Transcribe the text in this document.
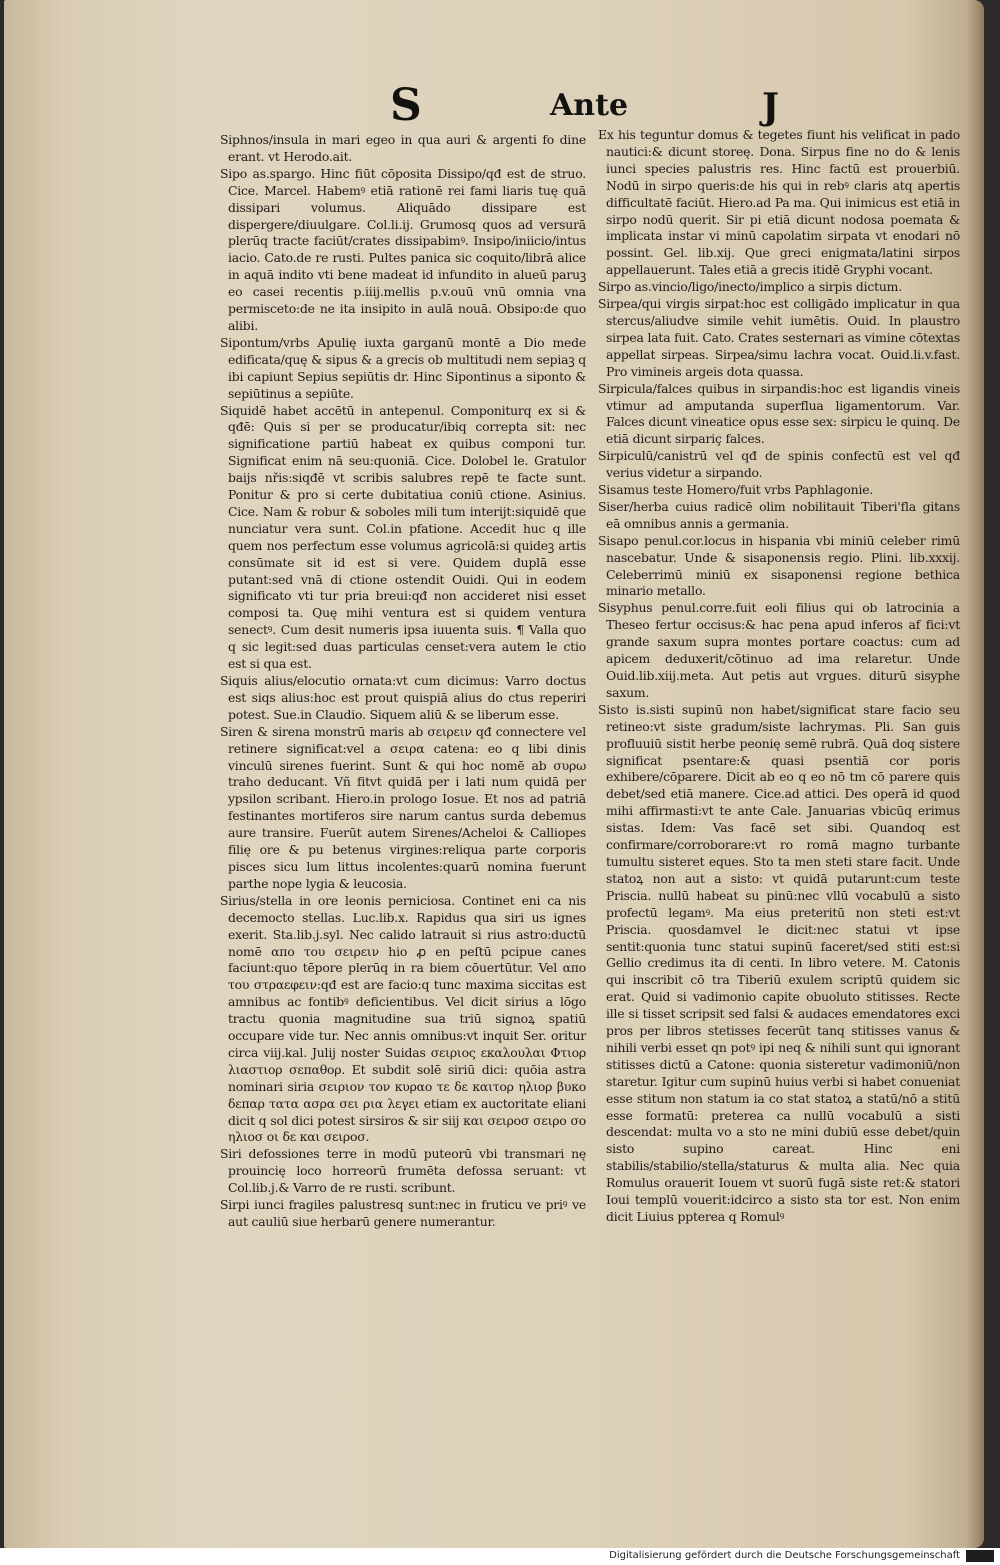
S	Ante	J

Siphnos/insula in mari egeo in qua auri & argenti fo dine erant. vt Herodo.ait.

Sipo as.spargo. Hinc fiūt cōposita Dissipo/qđ est de struo. Cice. Marcel. Habemꝰ etiā rationē rei fami liaris tuę quā dissipari volumus. Aliquādo dissipare est dispergere/diuulgare. Col.li.ij. Grumosq quos ad versurā plerūq tracte faciūt/crates dissipabimꝰ. Insipo/iniicio/intus iacio. Cato.de re rusti. Pultes panica sic coquito/librā alice in aquā indito vti bene madeat id infundito in alueū paruꝫ eo casei recentis p.iiij.mellis p.v.ouū vnū omnia vna permisceto:de ne ita insipito in aulā nouā. Obsipo:de quo alibi.

Sipontum/vrbs Apulię iuxta garganū montē a Dio mede edificata/quę & sipus & a grecis ob multitudi nem sepiaꝫ q ibi capiunt Sepius sepiūtis dr. Hinc Sipontinus a siponto & sepiūtinus a sepiūte.

Siquidē habet accētū in antepenul. Componiturq ex si & qđē: Quis si per se producatur/ibiq correpta sit: nec significatione partiū habeat ex quibus componi tur. Significat enim nā seu:quoniā. Cice. Dolobel le. Gratulor baijs nřis:siqđē vt scribis salubres repē te facte sunt. Ponitur & pro si certe dubitatiua coniū ctione. Asinius. Cice. Nam & robur & soboles mili tum interijt:siquidē que nunciatur vera sunt. Col.in pfatione. Accedit huc q ille quem nos perfectum esse volumus agricolā:si quideꝫ artis consūmate sit id est si vere. Quidem duplā esse putant:sed vnā di ctione ostendit Ouidi. Qui in eodem significato vti tur pria breui:qđ non accideret nisi esset composi ta. Quę mihi ventura est si quidem ventura senectꝰ. Cum desit numeris ipsa iuuenta suis. ¶ Valla quo q sic legit:sed duas particulas censet:vera autem le ctio est si qua est.

Siquis alius/elocutio ornata:vt cum dicimus: Varro doctus est siqs alius:hoc est prout quispiā alius do ctus reperiri potest. Sue.in Claudio. Siquem aliū & se liberum esse.

Siren & sirena monstrū maris ab σειρειν qđ connectere vel retinere significat:vel a σειρα catena: eo q libi dinis vinculū sirenes fuerint. Sunt & qui hoc nomē ab συρω traho deducant. Vñ fitvt quidā per i lati num quidā per ypsilon scribant. Hiero.in prologo Iosue. Et nos ad patriā festinantes mortiferos sire narum cantus surda debemus aure transire. Fuerūt autem Sirenes/Acheloi & Calliopes filię ore & pu betenus virgines:reliqua parte corporis pisces sicu lum littus incolentes:quarū nomina fuerunt parthe nope lygia & leucosia.

Sirius/stella in ore leonis perniciosa. Continet eni ca nis decemocto stellas. Luc.lib.x. Rapidus qua siri us ignes exerit. Sta.lib.j.syl. Nec calido latrauit si rius astro:ductū nomē απο του σειρειν hio ꝓ en peſtū pcipue canes faciunt:quo tēpore plerūq in ra biem cōuertūtur. Vel απο του στραεφειν:qđ est are facio:q tunc maxima siccitas est amnibus ac fontibꝰ deficientibus. Vel dicit sirius a lōgo tractu quonia magnitudine sua triū signoꝝ spatiū occupare vide tur. Nec annis omnibus:vt inquit Ser. oritur circa viij.kal. Julij noster Suidas σειριος εκαλουλαι Φτιορ λιαστιορ σεπαθορ. Et subdit solē siriū dici: quōia astra nominari siria σειριον τον κυραο τε δε καιτορ ηλιορ βυκο δεπαρ τατα ασρα σει ρια λεγει etiam ex auctoritate eliani dicit q sol dici potest sirsiros & sir siij και σειροσ σειρο σο ηλιοσ οι δε και σειροσ.

Siri defossiones terre in modū puteorū vbi transmari nę prouincię loco horreorū frumēta defossa seruant: vt Col.lib.j.& Varro de re rusti. scribunt.

Sirpi iunci fragiles palustresq sunt:nec in fruticu ve priꝰ ve aut cauliū siue herbarū genere numerantur.

Ex his teguntur domus & tegetes fiunt his velificat in pado nautici:& dicunt storeę. Dona. Sirpus fine no do & lenis iunci species palustris res. Hinc factū est prouerbiū. Nodū in sirpo queris:de his qui in rebꝰ claris atq apertis difficultatē faciūt. Hiero.ad Pa ma. Qui inimicus est etiā in sirpo nodū querit. Sir pi etiā dicunt nodosa poemata & implicata instar vi minū capolatim sirpata vt enodari nō possint. Gel. lib.xij. Que greci enigmata/latini sirpos appellauerunt. Tales etiā a grecis itidē Gryphi vocant.

Sirpo as.vincio/ligo/inecto/implico a sirpis dictum.

Sirpea/qui virgis sirpat:hoc est colligādo implicatur in qua stercus/aliudve simile vehit iumētis. Ouid. In plaustro sirpea lata fuit. Cato. Crates sesternari as vimine cōtextas appellat sirpeas. Sirpea/simu lachra vocat. Ouid.li.v.fast. Pro vimineis argeis dota quassa.

Sirpicula/falces quibus in sirpandis:hoc est ligandis vineis vtimur ad amputanda superflua ligamentorum. Var. Falces dicunt vineatice opus esse sex: sirpicu le quinq. De etiā dicunt sirpariç falces.

Sirpiculū/canistrū vel qđ de spinis confectū est vel qđ verius videtur a sirpando.

Sisamus teste Homero/fuit vrbs Paphlagonie.

Siser/herba cuius radicē olim nobilitauit Tiberi'fla gitans eā omnibus annis a germania.

Sisapo penul.cor.locus in hispania vbi miniū celeber rimū nascebatur. Unde & sisaponensis regio. Plini. lib.xxxij. Celeberrimū miniū ex sisaponensi regione bethica minario metallo.

Sisyphus penul.corre.fuit eoli filius qui ob latrocinia a Theseo fertur occisus:& hac pena apud inferos af fici:vt grande saxum supra montes portare coactus: cum ad apicem deduxerit/cōtinuo ad ima relaretur. Unde Ouid.lib.xiij.meta. Aut petis aut vrgues. diturū sisyphe saxum.

Sisto is.sisti supinū non habet/significat stare facio seu retineo:vt siste gradum/siste lachrymas. Pli. San guis profluuiū sistit herbe peonię semē rubrā. Quā doq sistere significat psentare:& quasi psentiā cor poris exhibere/cōparere. Dicit ab eo q eo nō tm cō parere quis debet/sed etiā manere. Cice.ad attici. Des operā id quod mihi affirmasti:vt te ante Cale. Januarias vbicūq erimus sistas. Idem: Vas facē set sibi. Quandoq est confirmare/corroborare:vt ro romā magno turbante tumultu sisteret eques. Sto ta men steti stare facit. Unde statoꝝ non aut a sisto: vt quidā putarunt:cum teste Priscia. nullū habeat su pinū:nec vllū vocabulū a sisto profectū legamꝰ. Ma eius preteritū non steti est:vt Priscia. quosdamvel le dicit:nec statui vt ipse sentit:quonia tunc statui supinū faceret/sed stiti est:si Gellio credimus ita di centi. In libro vetere. M. Catonis qui inscribit cō tra Tiberiū exulem scriptū quidem sic erat. Quid si vadimonio capite obuoluto stitisses. Recte ille si tisset scripsit sed falsi & audaces emendatores exci pros per libros stetisses fecerūt tanq stitisses vanus & nihili verbi esset qn potꝰ ipi neq & nihili sunt qui ignorant stitisses dictū a Catone: quonia sisteretur vadimoniū/non staretur. Igitur cum supinū huius verbi si habet conueniat esse stitum non statum ia co stat statoꝝ a statū/nō a stitū esse formatū: preterea ca nullū vocabulū a sisti descendat: multa vo a sto ne mini dubiū esse debet/quin sisto supino careat. Hinc eni stabilis/stabilio/stella/staturus & multa alia. Nec quia Romulus orauerit Iouem vt suorū fugā siste ret:& statori Ioui templū vouerit:idcirco a sisto sta tor est. Non enim dicit Liuius ppterea q Romulꝰ

Digitalisierung gefördert durch die Deutsche Forschungsgemeinschaft
